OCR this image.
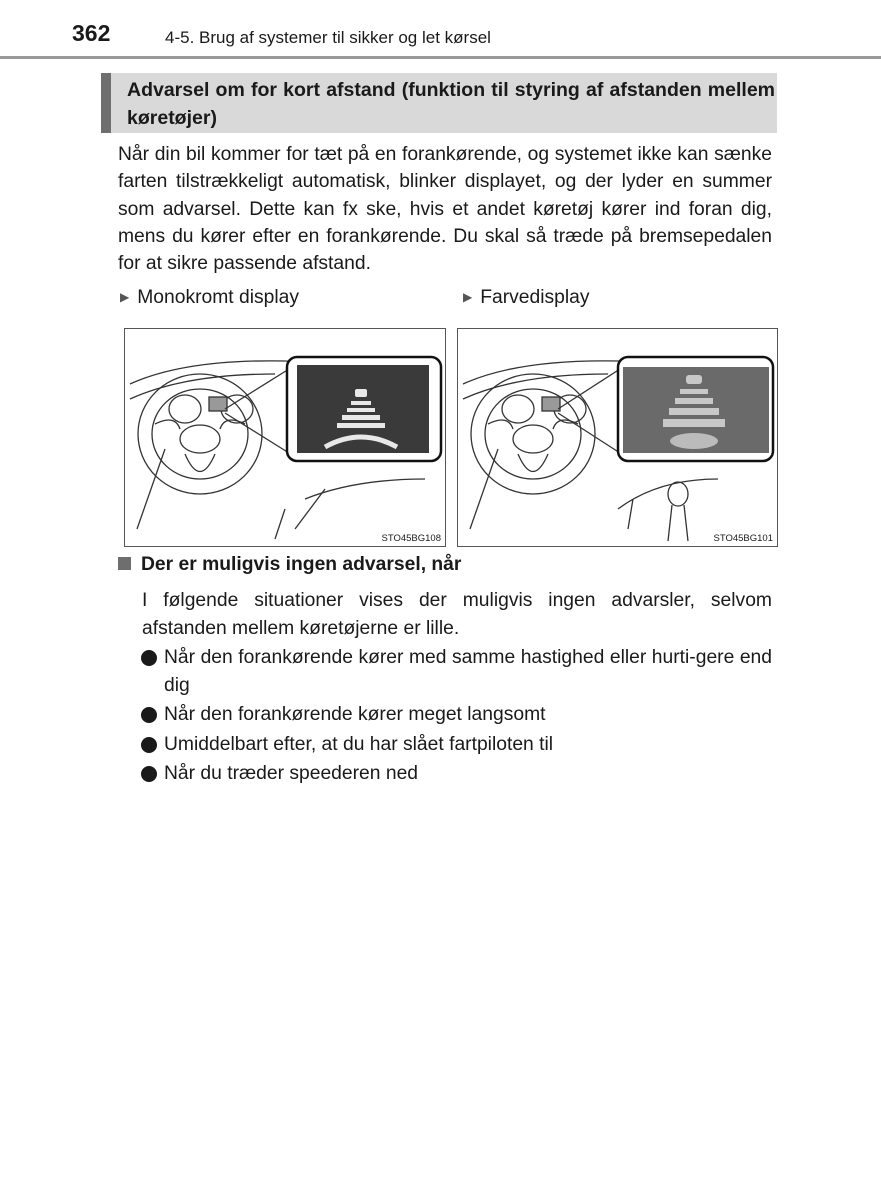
362	4-5. Brug af systemer til sikker og let kørsel
Advarsel om for kort afstand (funktion til styring af afstanden mellem køretøjer)

Når din bil kommer for tæt på en forankørende, og systemet ikke kan sænke farten tilstrækkeligt automatisk, blinker displayet, og der lyder en summer som advarsel. Dette kan fx ske, hvis et andet køretøj kører ind foran dig, mens du kører efter en forankørende. Du skal så træde på bremsepedalen for at sikre passende afstand.

▶ Monokromt display	▶ Farvedisplay
STO45BG108	STO45BG101
Der er muligvis ingen advarsel, når

I følgende situationer vises der muligvis ingen advarsler, selvom afstanden mellem køretøjerne er lille.

Når den forankørende kører med samme hastighed eller hurti-gere end dig
Når den forankørende kører meget langsomt
Umiddelbart efter, at du har slået fartpiloten til
Når du træder speederen ned
